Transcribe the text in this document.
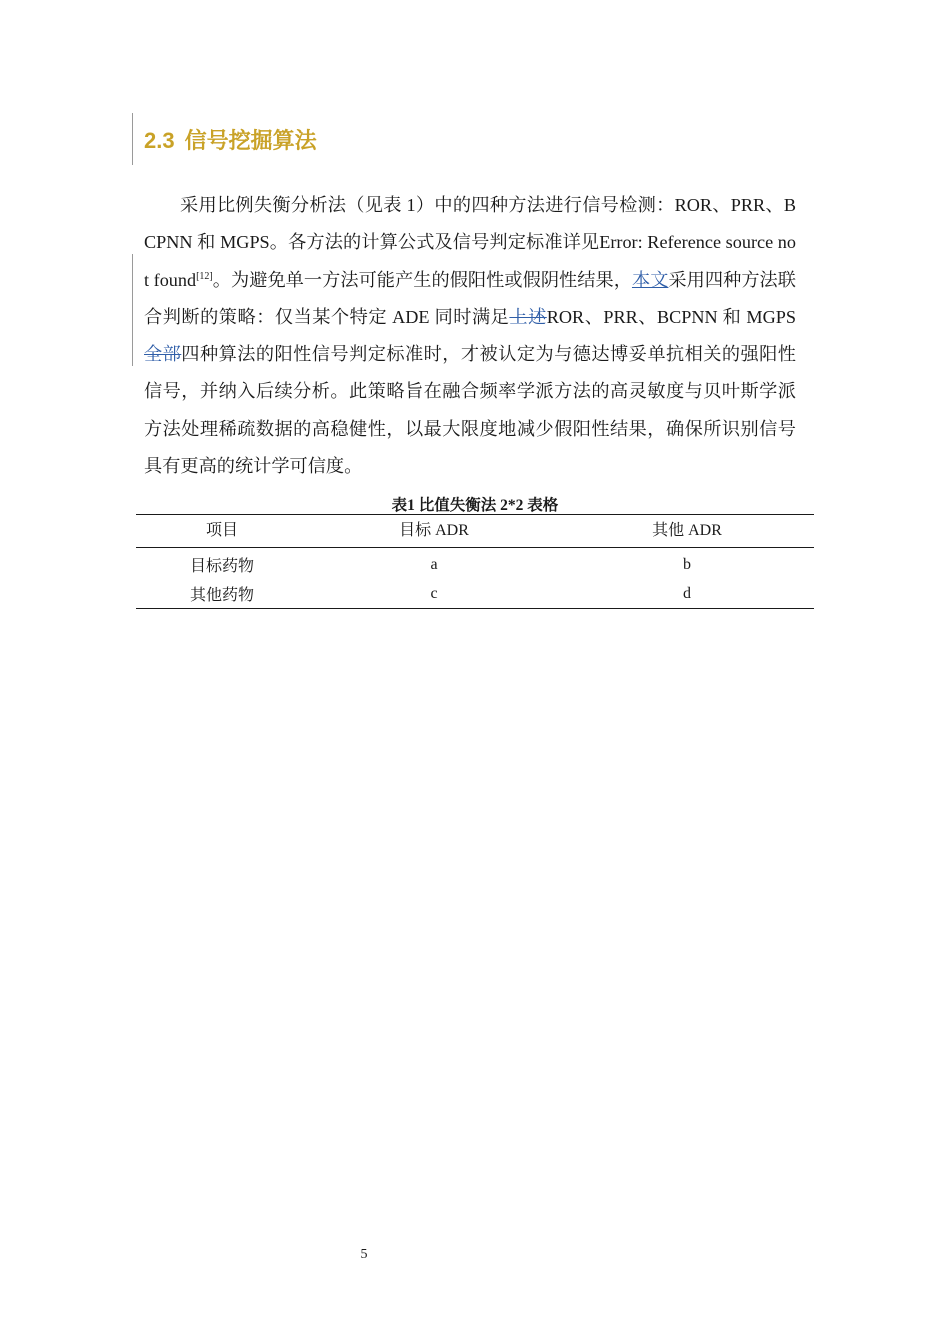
2.3 信号挖掘算法

采用比例失衡分析法（见表 1）中的四种方法进行信号检测：ROR、PRR、BCPNN 和 MGPS。各方法的计算公式及信号判定标准详见Error: Reference source not found[12]。为避免单一方法可能产生的假阳性或假阴性结果，本文采用四种方法联合判断的策略：仅当某个特定 ADE 同时满足上述ROR、PRR、BCPNN 和 MGPS 全部四种算法的阳性信号判定标准时，才被认定为与德达博妥单抗相关的强阳性信号，并纳入后续分析。此策略旨在融合频率学派方法的高灵敏度与贝叶斯学派方法处理稀疏数据的高稳健性，以最大限度地减少假阳性结果，确保所识别信号具有更高的统计学可信度。

表1 比值失衡法 2*2 表格
项目	目标 ADR	其他 ADR
目标药物	a	b
其他药物	c	d
5
